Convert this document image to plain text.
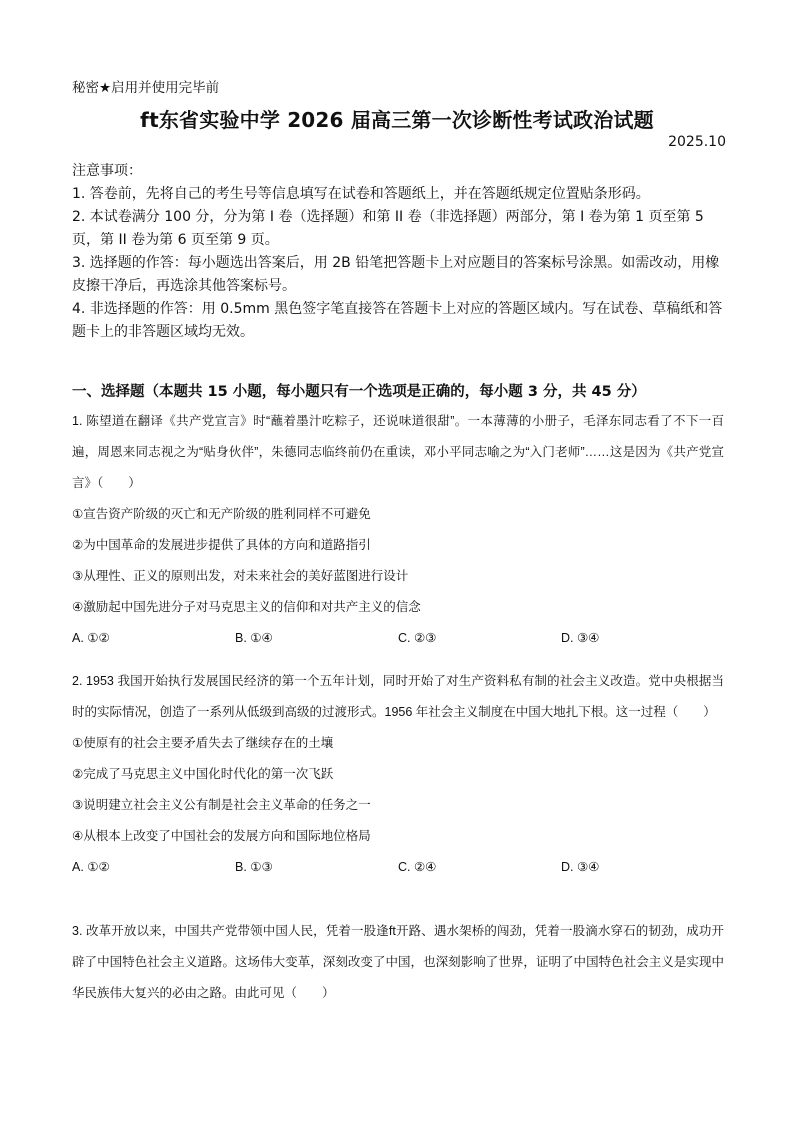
秘密★启用并使用完毕前
ft东省实验中学 2026 届高三第一次诊断性考试政治试题
2025.10

注意事项：

1. 答卷前，先将自己的考生号等信息填写在试卷和答题纸上，并在答题纸规定位置贴条形码。

2. 本试卷满分 100 分，分为第 I 卷（选择题）和第 II 卷（非选择题）两部分，第 I 卷为第 1 页至第 5 页，第 II 卷为第 6 页至第 9 页。

3. 选择题的作答：每小题选出答案后，用 2B 铅笔把答题卡上对应题目的答案标号涂黑。如需改动，用橡皮擦干净后，再选涂其他答案标号。

4. 非选择题的作答：用 0.5mm 黑色签字笔直接答在答题卡上对应的答题区域内。写在试卷、草稿纸和答题卡上的非答题区域均无效。

一、选择题（本题共 15 小题，每小题只有一个选项是正确的，每小题 3 分，共 45 分）

1. 陈望道在翻译《共产党宣言》时“蘸着墨汁吃粽子，还说味道很甜”。一本薄薄的小册子，毛泽东同志看了不下一百遍，周恩来同志视之为“贴身伙伴”，朱德同志临终前仍在重读，邓小平同志喻之为“入门老师”……这是因为《共产党宣言》（　　）

①宣告资产阶级的灭亡和无产阶级的胜利同样不可避免

②为中国革命的发展进步提供了具体的方向和道路指引

③从理性、正义的原则出发，对未来社会的美好蓝图进行设计

④激励起中国先进分子对马克思主义的信仰和对共产主义的信念

A. ①②	B. ①④	C. ②③	D. ③④

2. 1953 我国开始执行发展国民经济的第一个五年计划，同时开始了对生产资料私有制的社会主义改造。党中央根据当时的实际情况，创造了一系列从低级到高级的过渡形式。1956 年社会主义制度在中国大地扎下根。这一过程（　　）

①使原有的社会主要矛盾失去了继续存在的土壤

②完成了马克思主义中国化时代化的第一次飞跃

③说明建立社会主义公有制是社会主义革命的任务之一

④从根本上改变了中国社会的发展方向和国际地位格局

A. ①②	B. ①③	C. ②④	D. ③④

3. 改革开放以来，中国共产党带领中国人民，凭着一股逢ft开路、遇水架桥的闯劲，凭着一股滴水穿石的韧劲，成功开辟了中国特色社会主义道路。这场伟大变革，深刻改变了中国，也深刻影响了世界，证明了中国特色社会主义是实现中华民族伟大复兴的必由之路。由此可见（　　）
